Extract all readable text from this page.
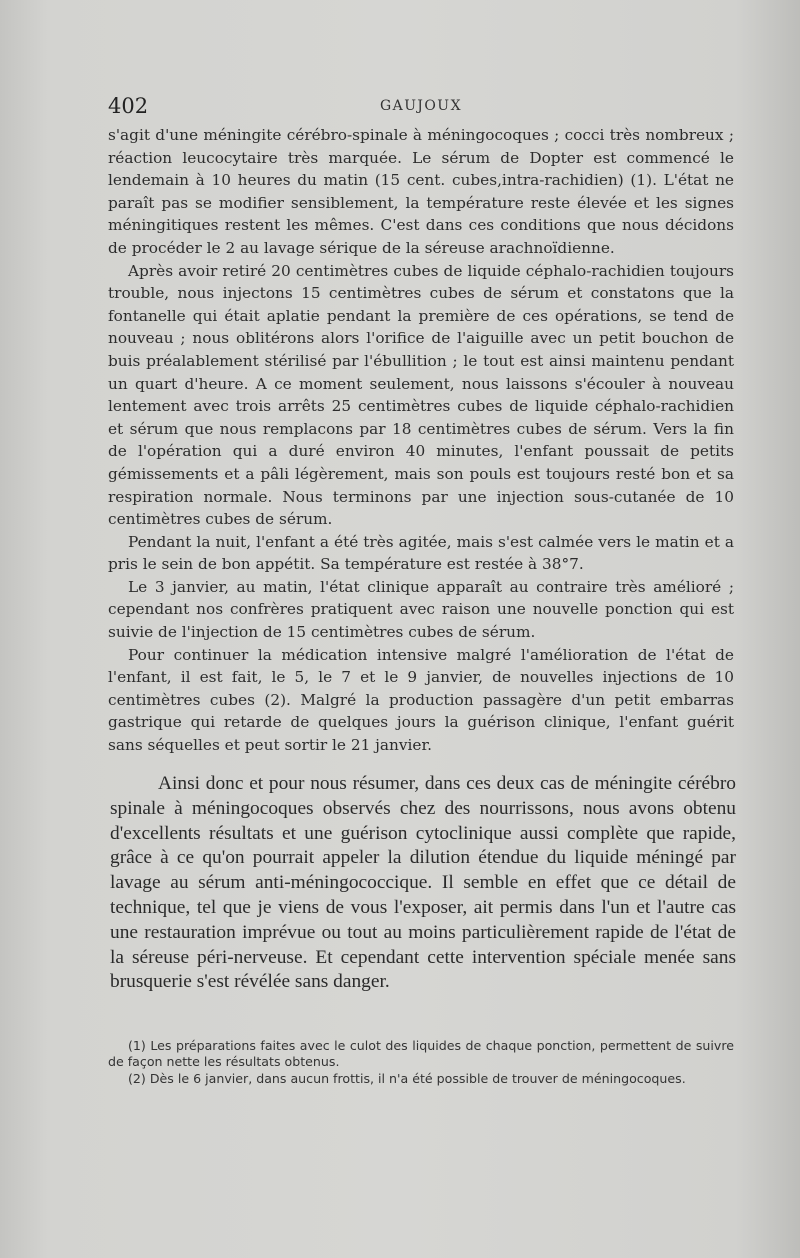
402	GAUJOUX

s'agit d'une méningite cérébro-spinale à méningocoques ; cocci très nombreux ; réaction leucocytaire très marquée. Le sérum de Dopter est commencé le lendemain à 10 heures du matin (15 cent. cubes,intra-rachidien) (1). L'état ne paraît pas se modifier sensiblement, la température reste élevée et les signes méningitiques restent les mêmes. C'est dans ces conditions que nous décidons de procéder le 2 au lavage sérique de la séreuse arachnoïdienne.

Après avoir retiré 20 centimètres cubes de liquide céphalo-rachidien toujours trouble, nous injectons 15 centimètres cubes de sérum et constatons que la fontanelle qui était aplatie pendant la première de ces opérations, se tend de nouveau ; nous oblitérons alors l'orifice de l'aiguille avec un petit bouchon de buis préalablement stérilisé par l'ébullition ; le tout est ainsi maintenu pendant un quart d'heure. A ce moment seulement, nous laissons s'écouler à nouveau lentement avec trois arrêts 25 centimètres cubes de liquide céphalo-rachidien et sérum que nous remplacons par 18 centimètres cubes de sérum. Vers la fin de l'opération qui a duré environ 40 minutes, l'enfant poussait de petits gémissements et a pâli légèrement, mais son pouls est toujours resté bon et sa respiration normale. Nous terminons par une injection sous-cutanée de 10 centimètres cubes de sérum.

Pendant la nuit, l'enfant a été très agitée, mais s'est calmée vers le matin et a pris le sein de bon appétit. Sa température est restée à 38°7.

Le 3 janvier, au matin, l'état clinique apparaît au contraire très amélioré ; cependant nos confrères pratiquent avec raison une nouvelle ponction qui est suivie de l'injection de 15 centimètres cubes de sérum.

Pour continuer la médication intensive malgré l'amélioration de l'état de l'enfant, il est fait, le 5, le 7 et le 9 janvier, de nouvelles injections de 10 centimètres cubes (2). Malgré la production passagère d'un petit embarras gastrique qui retarde de quelques jours la guérison clinique, l'enfant guérit sans séquelles et peut sortir le 21 janvier.

Ainsi donc et pour nous résumer, dans ces deux cas de méningite cérébro spinale à méningocoques observés chez des nourrissons, nous avons obtenu d'excellents résultats et une guérison cytoclinique aussi complète que rapide, grâce à ce qu'on pourrait appeler la dilution étendue du liquide méningé par lavage au sérum anti-méningococcique. Il semble en effet que ce détail de technique, tel que je viens de vous l'exposer, ait permis dans l'un et l'autre cas une restauration imprévue ou tout au moins particulièrement rapide de l'état de la séreuse péri-nerveuse. Et cependant cette intervention spéciale menée sans brusquerie s'est révélée sans danger.

(1) Les préparations faites avec le culot des liquides de chaque ponction, permettent de suivre de façon nette les résultats obtenus.

(2) Dès le 6 janvier, dans aucun frottis, il n'a été possible de trouver de méningocoques.
